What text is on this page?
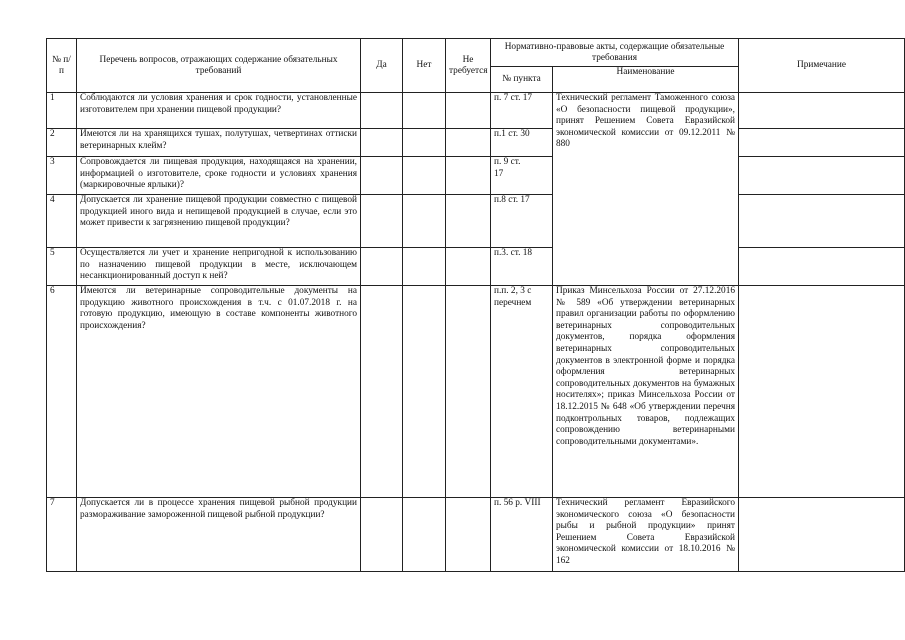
№ п/п	Перечень вопросов, отражающих содержание обязательных требований	Да	Нет	Не требуется	Нормативно-правовые акты, содержащие обязательные требования		Примечание
					№ пункта	Наименование	
1	Соблюдаются ли условия хранения и срок годности, установленные изготовителем при хранении пищевой продукции?				п. 7 ст. 17	Технический регламент Таможенного союза «О безопасности пищевой продукции», принят Решением Совета Евразийской экономической комиссии от 09.12.2011 № 880	
2	Имеются ли на хранящихся тушах, полутушах, четвертинах оттиски ветеринарных клейм?				п.1 ст. 30		
3	Сопровождается ли пищевая продукция, находящаяся на хранении, информацией о изготовителе, сроке годности и условиях хранения (маркировочные ярлыки)?				п. 9 ст. 17		
4	Допускается ли хранение пищевой продукции совместно с пищевой продукцией иного вида и непищевой продукцией в случае, если это может привести к загрязнению пищевой продукции?				п.8 ст. 17		
5	Осуществляется ли учет и хранение непригодной к использованию по назначению пищевой продукции в месте, исключающем несанкционированный доступ к ней?				п.3. ст. 18		
6	Имеются ли ветеринарные сопроводительные документы на продукцию животного происхождения в т.ч. с 01.07.2018 г. на готовую продукцию, имеющую в составе компоненты животного происхождения?				п.п. 2, 3 с перечнем	Приказ Минсельхоза России от 27.12.2016 № 589 «Об утверждении ветеринарных правил организации работы по оформлению ветеринарных сопроводительных документов, порядка оформления ветеринарных сопроводительных документов в электронной форме и порядка оформления ветеринарных сопроводительных документов на бумажных носителях»; приказ Минсельхоза России от 18.12.2015 № 648 «Об утверждении перечня подконтрольных товаров, подлежащих сопровождению ветеринарными сопроводительными документами».	
7	Допускается ли в процессе хранения пищевой рыбной продукции размораживание замороженной пищевой рыбной продукции?				п. 56 р. VIII	Технический регламент Евразийского экономического союза «О безопасности рыбы и рыбной продукции» принят Решением Совета Евразийской экономической комиссии от 18.10.2016 № 162	
